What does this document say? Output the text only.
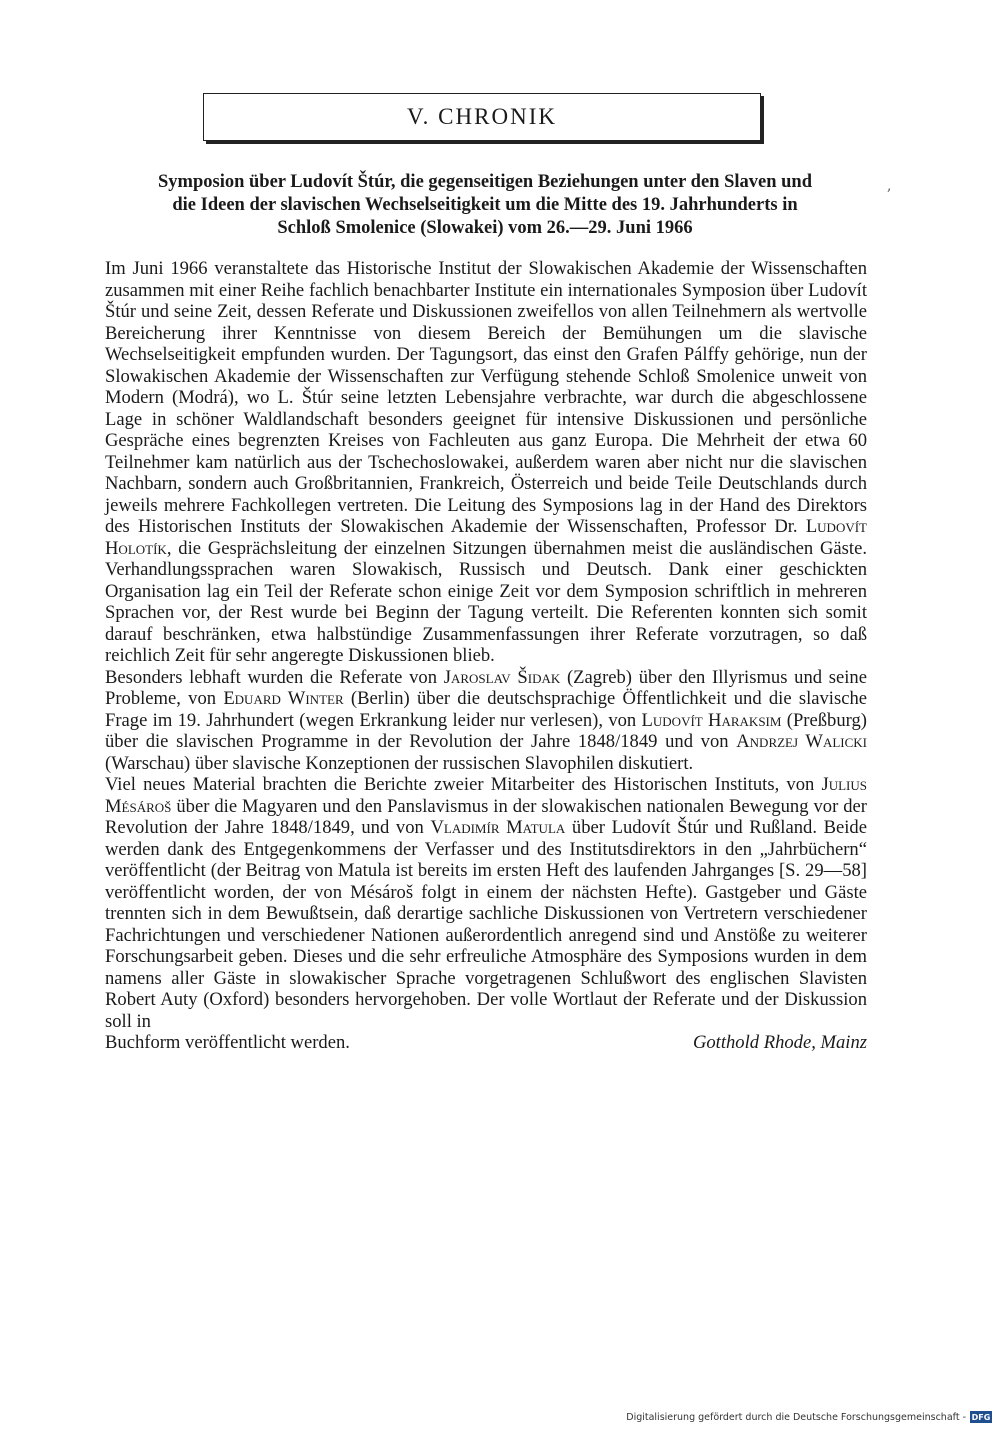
V. CHRONIK
Symposion über Ludovít Štúr, die gegenseitigen Beziehungen unter den Slaven und
die Ideen der slavischen Wechselseitigkeit um die Mitte des 19. Jahrhunderts in
Schloß Smolenice (Slowakei) vom 26.—29. Juni 1966
,

Im Juni 1966 veranstaltete das Historische Institut der Slowakischen Akademie der Wissenschaften zusammen mit einer Reihe fachlich benachbarter Institute ein internationales Symposion über Ludovít Štúr und seine Zeit, dessen Referate und Diskussionen zweifellos von allen Teilnehmern als wertvolle Bereicherung ihrer Kenntnisse von diesem Bereich der Bemühungen um die slavische Wechselseitigkeit empfunden wurden. Der Tagungsort, das einst den Grafen Pálffy gehörige, nun der Slowakischen Akademie der Wissenschaften zur Verfügung stehende Schloß Smolenice unweit von Modern (Modrá), wo L. Štúr seine letzten Lebensjahre verbrachte, war durch die abgeschlossene Lage in schöner Waldlandschaft besonders geeignet für intensive Diskussionen und persönliche Gespräche eines begrenzten Kreises von Fachleuten aus ganz Europa. Die Mehrheit der etwa 60 Teilnehmer kam natürlich aus der Tschechoslowakei, außerdem waren aber nicht nur die slavischen Nachbarn, sondern auch Großbritannien, Frankreich, Österreich und beide Teile Deutschlands durch jeweils mehrere Fachkollegen vertreten. Die Leitung des Symposions lag in der Hand des Direktors des Historischen Instituts der Slowakischen Akademie der Wissenschaften, Professor Dr. Ludovít Holotík, die Gesprächsleitung der einzelnen Sitzungen übernahmen meist die ausländischen Gäste. Verhandlungssprachen waren Slowakisch, Russisch und Deutsch. Dank einer geschickten Organisation lag ein Teil der Referate schon einige Zeit vor dem Symposion schriftlich in mehreren Sprachen vor, der Rest wurde bei Beginn der Tagung verteilt. Die Referenten konnten sich somit darauf beschränken, etwa halbstündige Zusammenfassungen ihrer Referate vorzutragen, so daß reichlich Zeit für sehr angeregte Diskussionen blieb.

Besonders lebhaft wurden die Referate von Jaroslav Šidak (Zagreb) über den Illyrismus und seine Probleme, von Eduard Winter (Berlin) über die deutschsprachige Öffentlichkeit und die slavische Frage im 19. Jahrhundert (wegen Erkrankung leider nur verlesen), von Ludovít Haraksim (Preßburg) über die slavischen Programme in der Revolution der Jahre 1848/1849 und von Andrzej Walicki (Warschau) über slavische Konzeptionen der russischen Slavophilen diskutiert.

Viel neues Material brachten die Berichte zweier Mitarbeiter des Historischen Instituts, von Julius Mésároš über die Magyaren und den Panslavismus in der slowakischen nationalen Bewegung vor der Revolution der Jahre 1848/1849, und von Vladimír Matula über Ludovít Štúr und Rußland. Beide werden dank des Entgegenkommens der Verfasser und des Institutsdirektors in den „Jahrbüchern“ veröffentlicht (der Beitrag von Matula ist bereits im ersten Heft des laufenden Jahrganges [S. 29—58] veröffentlicht worden, der von Mésároš folgt in einem der nächsten Hefte). Gastgeber und Gäste trennten sich in dem Bewußtsein, daß derartige sachliche Diskussionen von Vertretern verschiedener Fachrichtungen und verschiedener Nationen außerordentlich anregend sind und Anstöße zu weiterer Forschungsarbeit geben. Dieses und die sehr erfreuliche Atmosphäre des Symposions wurden in dem namens aller Gäste in slowakischer Sprache vorgetragenen Schlußwort des englischen Slavisten Robert Auty (Oxford) besonders hervorgehoben. Der volle Wortlaut der Referate und der Diskussion soll in

Buchform veröffentlicht werden.	Gotthold Rhode, Mainz
Digitalisierung gefördert durch die Deutsche Forschungsgemeinschaft - DFG
